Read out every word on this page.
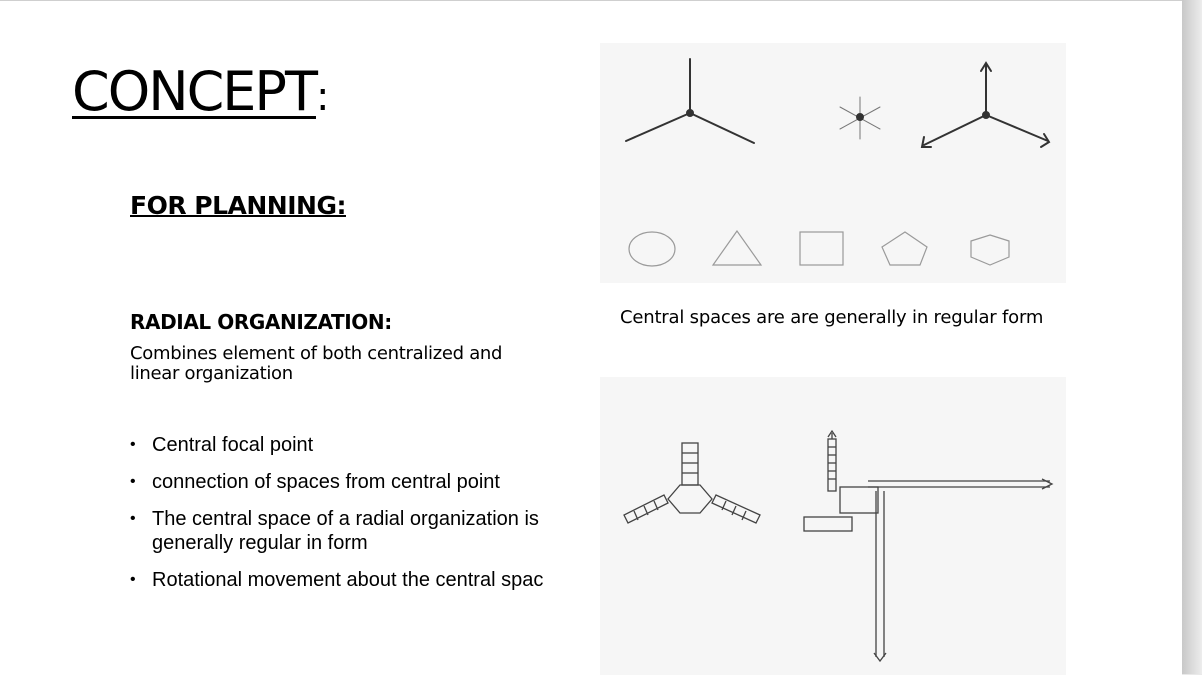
CONCEPT:
FOR PLANNING:
RADIAL ORGANIZATION:
Combines element of both centralized and linear organization
• Central focal point
• connection of spaces from central point
• The central space of a radial organization is generally regular in form
• Rotational movement about the central spac
Central spaces are are generally in regular form
